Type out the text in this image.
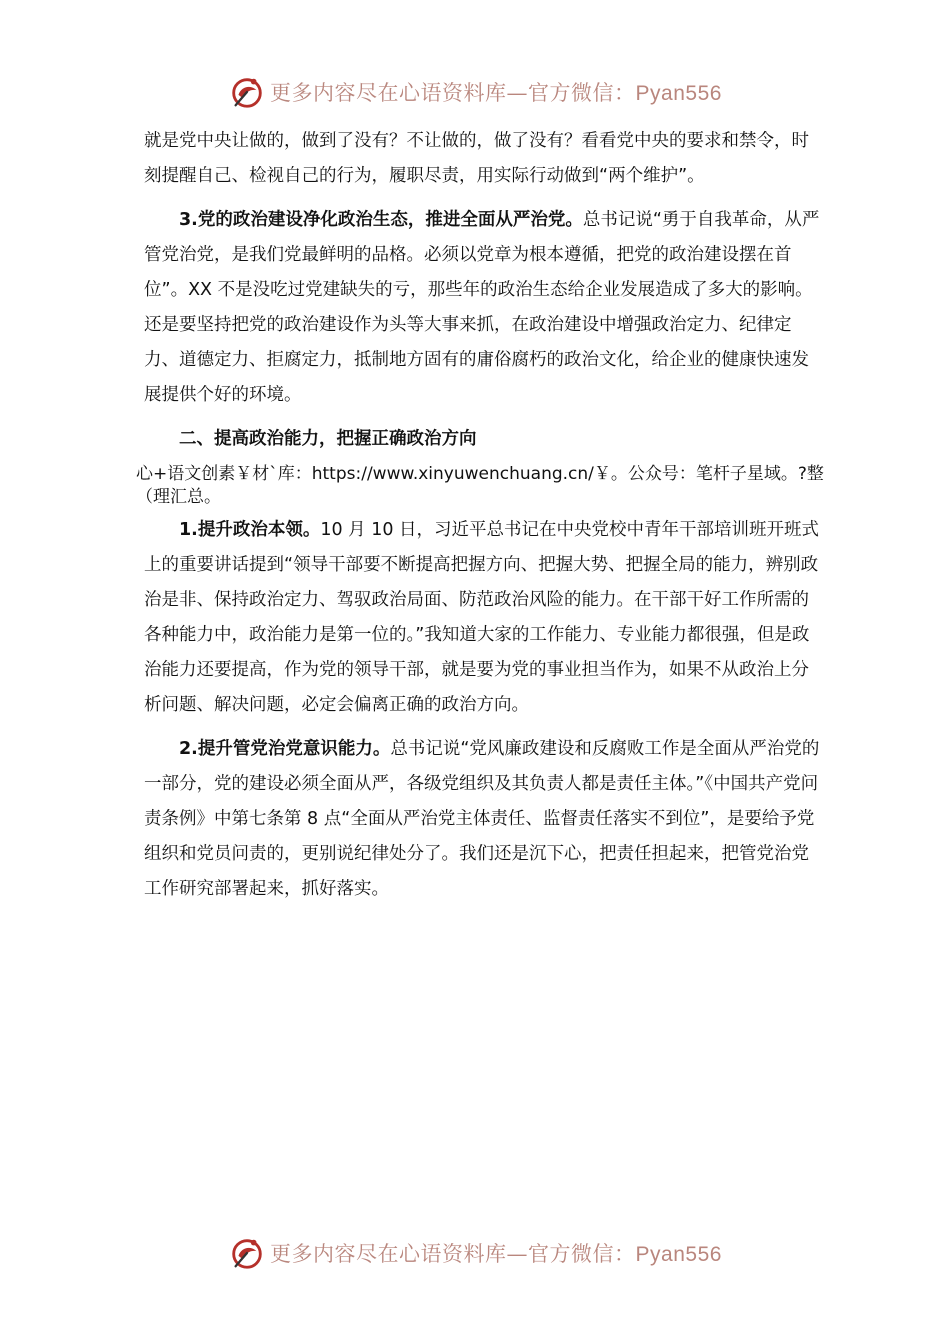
更多内容尽在心语资料库—官方微信：Pyan556

就是党中央让做的，做到了没有？不让做的，做了没有？看看党中央的要求和禁令，时刻提醒自己、检视自己的行为，履职尽责，用实际行动做到“两个维护”。

3.党的政治建设净化政治生态，推进全面从严治党。总书记说“勇于自我革命，从严管党治党，是我们党最鲜明的品格。必须以党章为根本遵循，把党的政治建设摆在首位”。XX 不是没吃过党建缺失的亏，那些年的政治生态给企业发展造成了多大的影响。还是要坚持把党的政治建设作为头等大事来抓，在政治建设中增强政治定力、纪律定力、道德定力、拒腐定力，抵制地方固有的庸俗腐朽的政治文化，给企业的健康快速发展提供个好的环境。

二、提高政治能力，把握正确政治方向

心+语文创素￥材`库：https://www.xinyuwenchuang.cn/￥。公众号：笔杆子星域。?整（理汇总。

1.提升政治本领。10 月 10 日，习近平总书记在中央党校中青年干部培训班开班式上的重要讲话提到“领导干部要不断提高把握方向、把握大势、把握全局的能力，辨别政治是非、保持政治定力、驾驭政治局面、防范政治风险的能力。在干部干好工作所需的各种能力中，政治能力是第一位的。”我知道大家的工作能力、专业能力都很强，但是政治能力还要提高，作为党的领导干部，就是要为党的事业担当作为，如果不从政治上分析问题、解决问题，必定会偏离正确的政治方向。

2.提升管党治党意识能力。总书记说“党风廉政建设和反腐败工作是全面从严治党的一部分，党的建设必须全面从严，各级党组织及其负责人都是责任主体。”《中国共产党问责条例》中第七条第 8 点“全面从严治党主体责任、监督责任落实不到位”，是要给予党组织和党员问责的，更别说纪律处分了。我们还是沉下心，把责任担起来，把管党治党工作研究部署起来，抓好落实。

更多内容尽在心语资料库—官方微信：Pyan556
